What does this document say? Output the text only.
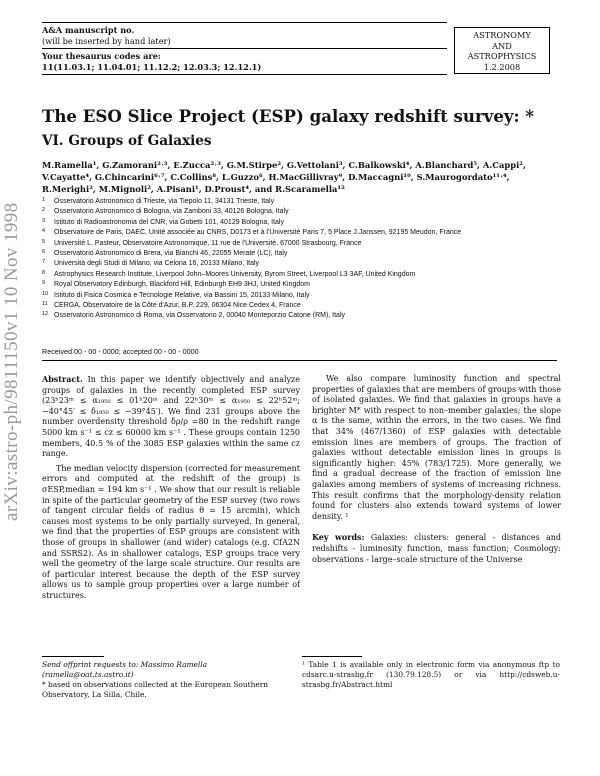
arXiv:astro-ph/9811150v1 10 Nov 1998
A&A manuscript no.
(will be inserted by hand later)
Your thesaurus codes are:
11(11.03.1; 11.04.01; 11.12.2; 12.03.3; 12.12.1)
ASTRONOMY
AND
ASTROPHYSICS
1.2.2008
The ESO Slice Project (ESP) galaxy redshift survey: *
VI. Groups of Galaxies
M.Ramella¹, G.Zamorani²˒³, E.Zucca²˒³, G.M.Stirpe², G.Vettolani³, C.Balkowski⁴, A.Blanchard⁵, A.Cappi², V.Cayatte⁴, G.Chincarini⁶˒⁷, C.Collins⁸, L.Guzzo⁶, H.MacGillivray⁹, D.Maccagni¹⁰, S.Maurogordato¹¹˒⁴, R.Merighi², M.Mignoli², A.Pisani¹, D.Proust⁴, and R.Scaramella¹²
1 Osservatorio Astronomico di Trieste, via Tiepolo 11, 34131 Trieste, Italy
2 Osservatorio Astronomico di Bologna, via Zamboni 33, 40126 Bologna, Italy
3 Istituto di Radioastronomia del CNR, via Gobetti 101, 40129 Bologna, Italy
4 Observatoire de Paris, DAEC, Unité associée au CNRS, D0173 et à l'Université Paris 7, 5 Place J.Janssen, 92195 Meudon, France
5 Université L. Pasteur, Observatoire Astronomique, 11 rue de l'Université, 67000 Strasbourg, France
6 Osservatorio Astronomico di Brera, via Bianchi 46, 22055 Merate (LC), Italy
7 Università degli Studi di Milano, via Celoria 16, 20133 Milano, Italy
8 Astrophysics Research Institute, Liverpool John–Moores University, Byrom Street, Liverpool L3 3AF, United Kingdom
9 Royal Observatory Edinburgh, Blackford Hill, Edinburgh EH9 3HJ, United Kingdom
10 Istituto di Fisica Cosmica e Tecnologie Relative, via Bassini 15, 20133 Milano, Italy
11 CERGA, Observatoire de la Côte d'Azur, B.P. 229, 06304 Nice Cedex 4, France
12 Osservatorio Astronomico di Roma, via Osservatorio 2, 00040 Monteporzio Catone (RM), Italy
Received 00 - 00 - 0000; accepted 00 - 00 - 0000

Abstract. In this paper we identify objectively and analyze groups of galaxies in the recently completed ESP survey (23ʰ23ᵐ ≤ α₁₉₅₀ ≤ 01ʰ20ᵐ and 22ʰ30ᵐ ≤ α₁₉₅₀ ≤ 22ʰ52ᵐ; −40°45′ ≤ δ₁₉₅₀ ≤ −39°45′). We find 231 groups above the number overdensity threshold δρ/ρ =80 in the redshift range 5000 km s⁻¹ ≤ cz ≤ 60000 km s⁻¹ . These groups contain 1250 members, 40.5 % of the 3085 ESP galaxies within the same cz range.

The median velocity dispersion (corrected for measurement errors and computed at the redshift of the group) is σESP,median = 194 km s⁻¹ . We show that our result is reliable in spite of the particular geometry of the ESP survey (two rows of tangent circular fields of radius θ = 15 arcmin), which causes most systems to be only partially surveyed. In general, we find that the properties of ESP groups are consistent with those of groups in shallower (and wider) catalogs (e.g. CfA2N and SSRS2). As in shallower catalogs, ESP groups trace very well the geometry of the large scale structure. Our results are of particular interest because the depth of the ESP survey allows us to sample group properties over a large number of structures.

We also compare luminosity function and spectral properties of galaxies that are members of groups with those of isolated galaxies. We find that galaxies in groups have a brighter M* with respect to non–member galaxies; the slope α is the same, within the errors, in the two cases. We find that 34% (467/1360) of ESP galaxies with detectable emission lines are members of groups. The fraction of galaxies without detectable emission lines in groups is significantly higher: 45% (783/1725). More generally, we find a gradual decrease of the fraction of emission line galaxies among members of systems of increasing richness. This result confirms that the morphology-density relation found for clusters also extends toward systems of lower density. ¹

Key words: Galaxies: clusters: general - distances and redshifts - luminosity function, mass function; Cosmology: observations - large–scale structure of the Universe

Send offprint requests to: Massimo Ramella (ramella@oat.ts.astro.it)
* based on observations collected at the European Southern Observatory, La Silla, Chile.
¹ Table 1 is available only in electronic form via anonymous ftp to cdsarc.u-strasbg.fr (130.79.128.5) or via http://cdsweb.u-strasbg.fr/Abstract.html
